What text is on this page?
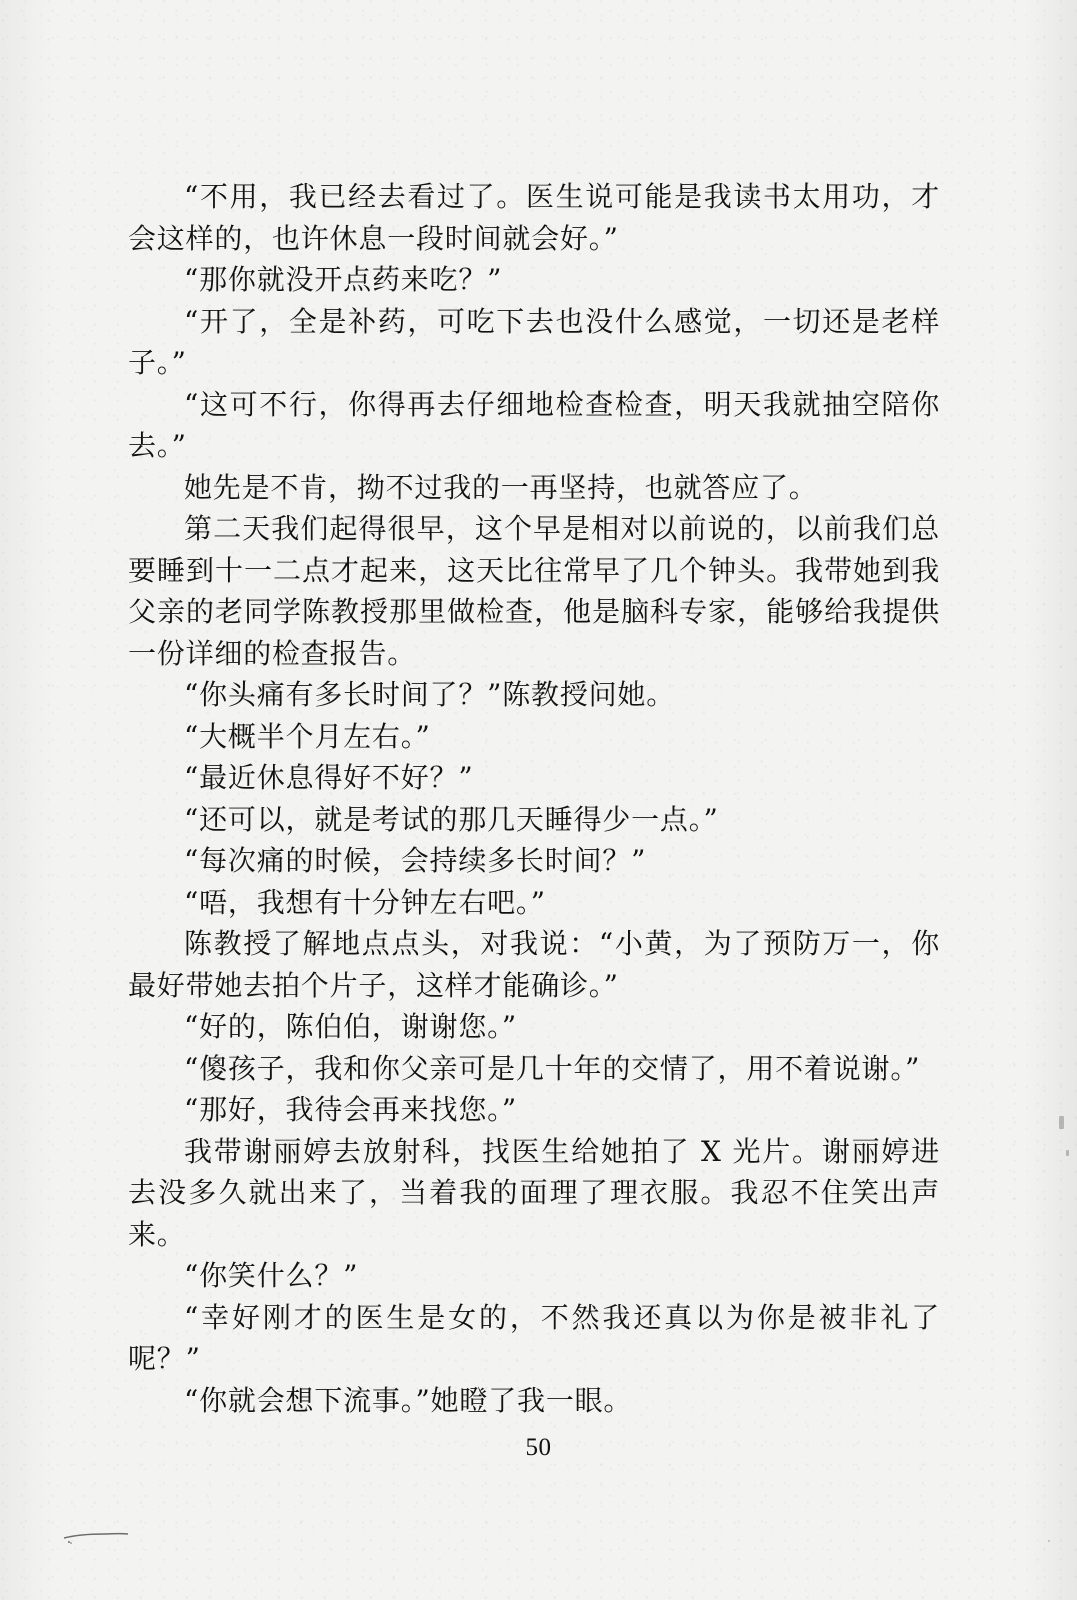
“不用，我已经去看过了。医生说可能是我读书太用功，才会这样的，也许休息一段时间就会好。”

“那你就没开点药来吃？”

“开了，全是补药，可吃下去也没什么感觉，一切还是老样子。”

“这可不行，你得再去仔细地检查检查，明天我就抽空陪你去。”

她先是不肯，拗不过我的一再坚持，也就答应了。

第二天我们起得很早，这个早是相对以前说的，以前我们总要睡到十一二点才起来，这天比往常早了几个钟头。我带她到我父亲的老同学陈教授那里做检查，他是脑科专家，能够给我提供一份详细的检查报告。

“你头痛有多长时间了？”陈教授问她。

“大概半个月左右。”

“最近休息得好不好？”

“还可以，就是考试的那几天睡得少一点。”

“每次痛的时候，会持续多长时间？”

“唔，我想有十分钟左右吧。”

陈教授了解地点点头，对我说：“小黄，为了预防万一，你最好带她去拍个片子，这样才能确诊。”

“好的，陈伯伯，谢谢您。”

“傻孩子，我和你父亲可是几十年的交情了，用不着说谢。”

“那好，我待会再来找您。”

我带谢丽婷去放射科，找医生给她拍了 X 光片。谢丽婷进去没多久就出来了，当着我的面理了理衣服。我忍不住笑出声来。

“你笑什么？”

“幸好刚才的医生是女的，不然我还真以为你是被非礼了呢？”

“你就会想下流事。”她瞪了我一眼。

50
